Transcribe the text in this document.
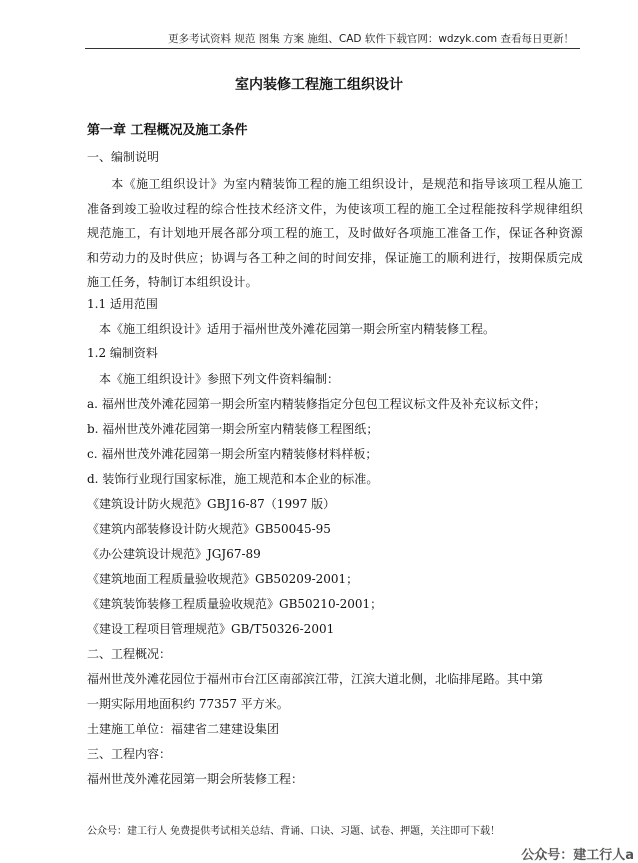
更多考试资料 规范 图集 方案 施组、CAD 软件下载官网：wdzyk.com 查看每日更新！
室内装修工程施工组织设计
第一章 工程概况及施工条件
一、编制说明
本《施工组织设计》为室内精装饰工程的施工组织设计，是规范和指导该项工程从施工准备到竣工验收过程的综合性技术经济文件，为使该项工程的施工全过程能按科学规律组织规范施工，有计划地开展各部分项工程的施工，及时做好各项施工准备工作，保证各种资源和劳动力的及时供应；协调与各工种之间的时间安排，保证施工的顺利进行，按期保质完成施工任务，特制订本组织设计。
1.1 适用范围
本《施工组织设计》适用于福州世茂外滩花园第一期会所室内精装修工程。
1.2 编制资料
本《施工组织设计》参照下列文件资料编制：
a. 福州世茂外滩花园第一期会所室内精装修指定分包包工程议标文件及补充议标文件；
b. 福州世茂外滩花园第一期会所室内精装修工程图纸；
c. 福州世茂外滩花园第一期会所室内精装修材料样板；
d. 装饰行业现行国家标准，施工规范和本企业的标准。
《建筑设计防火规范》GBJ16-87（1997 版）
《建筑内部装修设计防火规范》GB50045-95
《办公建筑设计规范》JGJ67-89
《建筑地面工程质量验收规范》GB50209-2001；
《建筑装饰装修工程质量验收规范》GB50210-2001；
《建设工程项目管理规范》GB/T50326-2001
二、工程概况：
福州世茂外滩花园位于福州市台江区南部滨江带，江滨大道北侧，北临排尾路。其中第
一期实际用地面积约 77357 平方米。
土建施工单位：福建省二建建设集团
三、工程内容：
福州世茂外滩花园第一期会所装修工程：
公众号：建工行人 免费提供考试相关总结、背诵、口诀、习题、试卷、押题，关注即可下载！
公众号：建工行人a
